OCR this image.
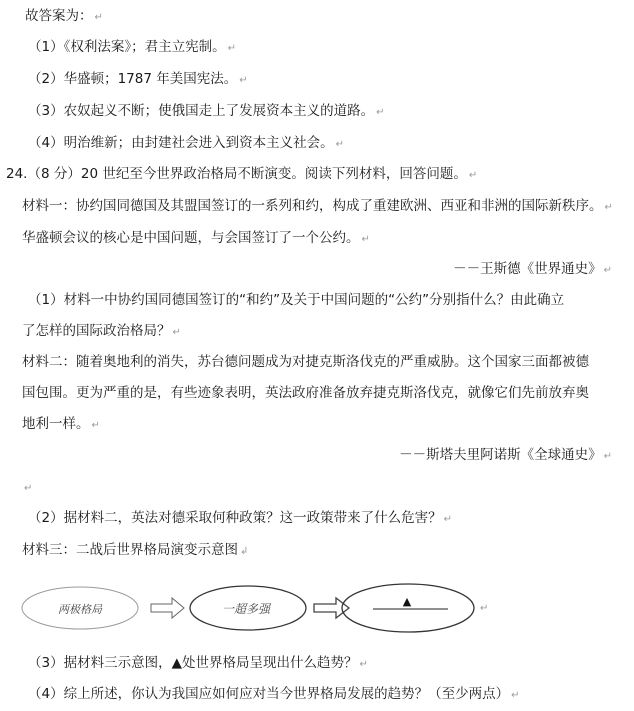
故答案为： ↵
（1）《权利法案》；君主立宪制。 ↵
（2）华盛顿；1787 年美国宪法。 ↵
（3）农奴起义不断；使俄国走上了发展资本主义的道路。 ↵
（4）明治维新；由封建社会进入到资本主义社会。 ↵
24.（8 分）20 世纪至今世界政治格局不断演变。阅读下列材料，回答问题。 ↵
材料一：协约国同德国及其盟国签订的一系列和约，构成了重建欧洲、西亚和非洲的国际新秩序。 ↵
华盛顿会议的核心是中国问题，与会国签订了一个公约。 ↵
－－王斯德《世界通史》 ↵
（1）材料一中协约国同德国签订的“和约”及关于中国问题的“公约”分别指什么？由此确立
了怎样的国际政治格局？ ↵
材料二：随着奥地利的消失，苏台德问题成为对捷克斯洛伐克的严重威胁。这个国家三面都被德
国包围。更为严重的是，有些迹象表明，英法政府准备放弃捷克斯洛伐克，就像它们先前放弃奥
地利一样。 ↵
－－斯塔夫里阿诺斯《全球通史》 ↵
↵
（2）据材料二，英法对德采取何种政策？这一政策带来了什么危害？ ↵
材料三：二战后世界格局演变示意图 ↲
两极格局	一超多强
▲
↵
（3）据材料三示意图，▲处世界格局呈现出什么趋势？ ↵
（4）综上所述，你认为我国应如何应对当今世界格局发展的趋势？（至少两点） ↵
